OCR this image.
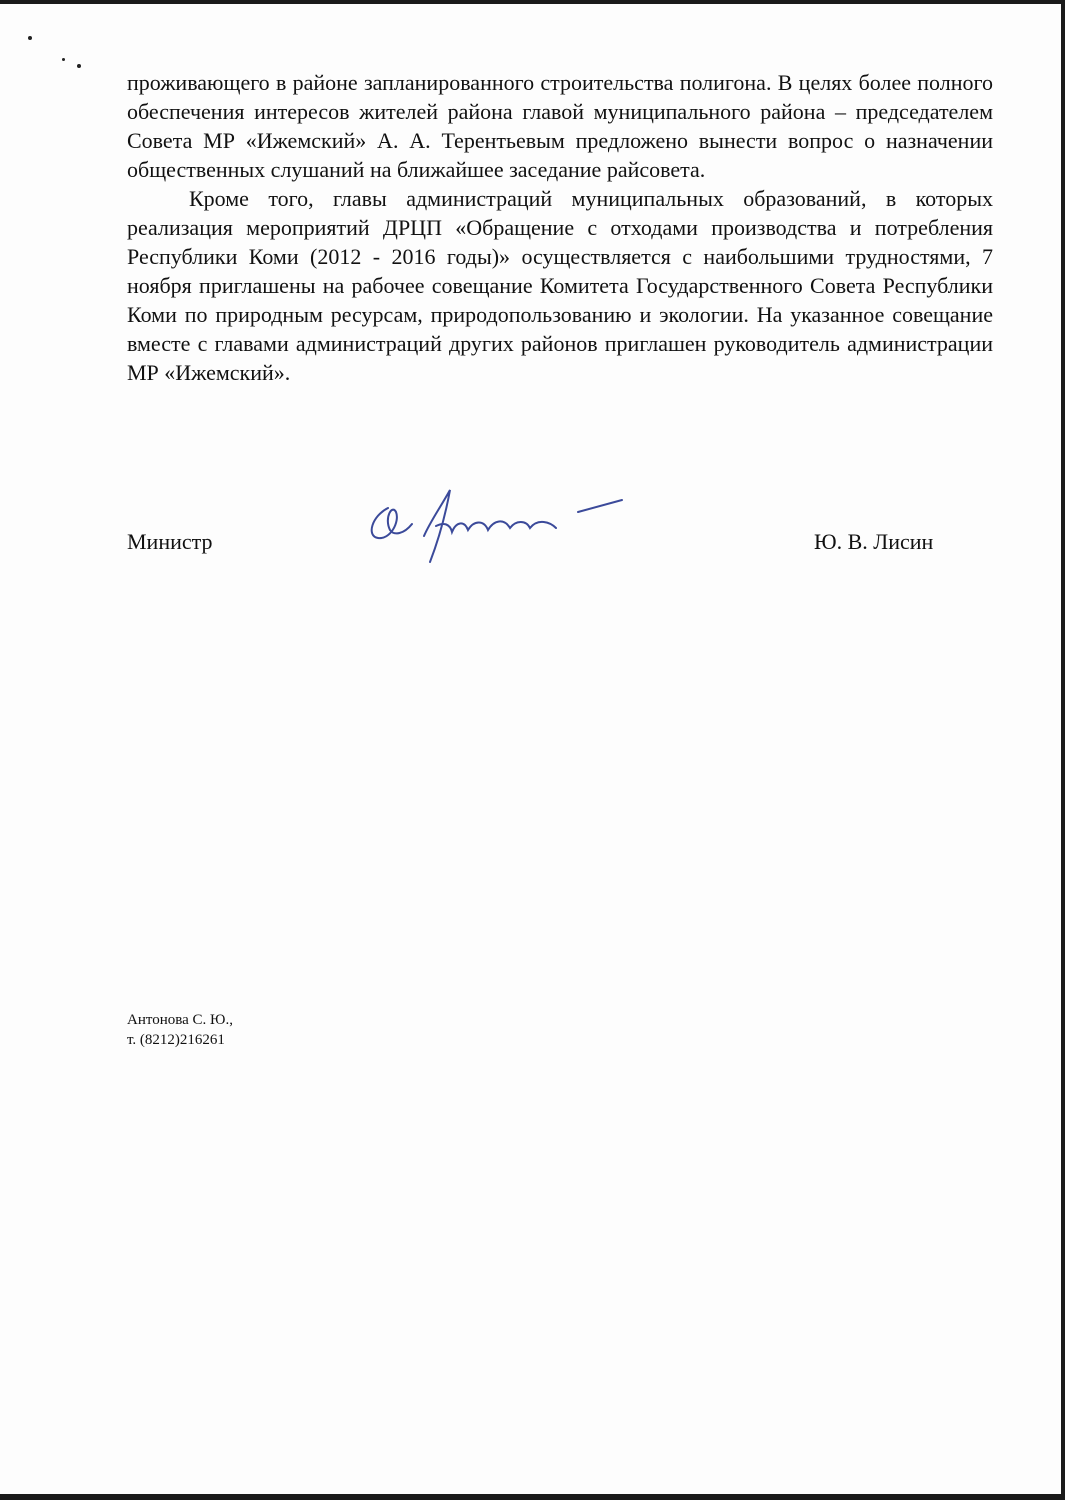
проживающего в районе запланированного строительства полигона. В целях более полного обеспечения интересов жителей района главой муниципального района – председателем Совета МР «Ижемский» А. А. Терентьевым предложено вынести вопрос о назначении общественных слушаний на ближайшее заседание райсовета.

Кроме того, главы администраций муниципальных образований, в которых реализация мероприятий ДРЦП «Обращение с отходами производства и потребления Республики Коми (2012 - 2016 годы)» осуществляется с наибольшими трудностями, 7 ноября приглашены на рабочее совещание Комитета Государственного Совета Республики Коми по природным ресурсам, природопользованию и экологии. На указанное совещание вместе с главами администраций других районов приглашен руководитель администрации МР «Ижемский».

Министр	Ю. В. Лисин
Антонова С. Ю.,
т. (8212)216261
